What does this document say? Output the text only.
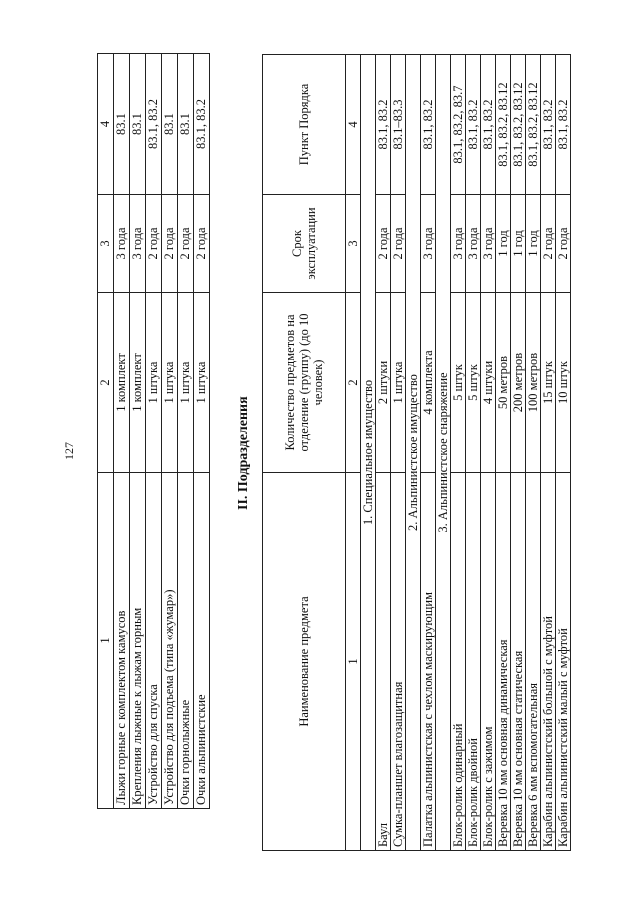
127
1	2	3	4
Лыжи горные с комплектом камусов	1 комплект	3 года	83.1
Крепления лыжные к лыжам горным	1 комплект	3 года	83.1
Устройство для спуска	1 штука	2 года	83.1, 83.2
Устройство для подъема (типа «жумар»)	1 штука	2 года	83.1
Очки горнолыжные	1 штука	2 года	83.1
Очки альпинистские	1 штука	2 года	83.1, 83.2
II. Подразделения
Наименование предмета	Количество предметов на отделение (группу) (до 10 человек)	Срок эксплуатации	Пункт Порядка
1	2	3	4
1. Специальное имущество			
Баул	2 штуки	2 года	83.1, 83.2
Сумка-планшет влагозащитная	1 штука	2 года	83.1–83.3
2. Альпинистское имущество			
Палатка альпинистская с чехлом маскирующим	4 комплекта	3 года	83.1, 83.2
3. Альпинистское снаряжение			
Блок-ролик одинарный	5 штук	3 года	83.1, 83.2, 83.7
Блок-ролик двойной	5 штук	3 года	83.1, 83.2
Блок-ролик с зажимом	4 штуки	3 года	83.1, 83.2
Веревка 10 мм основная динамическая	50 метров	1 год	83.1, 83.2, 83.12
Веревка 10 мм основная статическая	200 метров	1 год	83.1, 83.2, 83.12
Веревка 6 мм вспомогательная	100 метров	1 год	83.1, 83.2, 83.12
Карабин альпинистский большой с муфтой	15 штук	2 года	83.1, 83.2
Карабин альпинистский малый с муфтой	10 штук	2 года	83.1, 83.2
